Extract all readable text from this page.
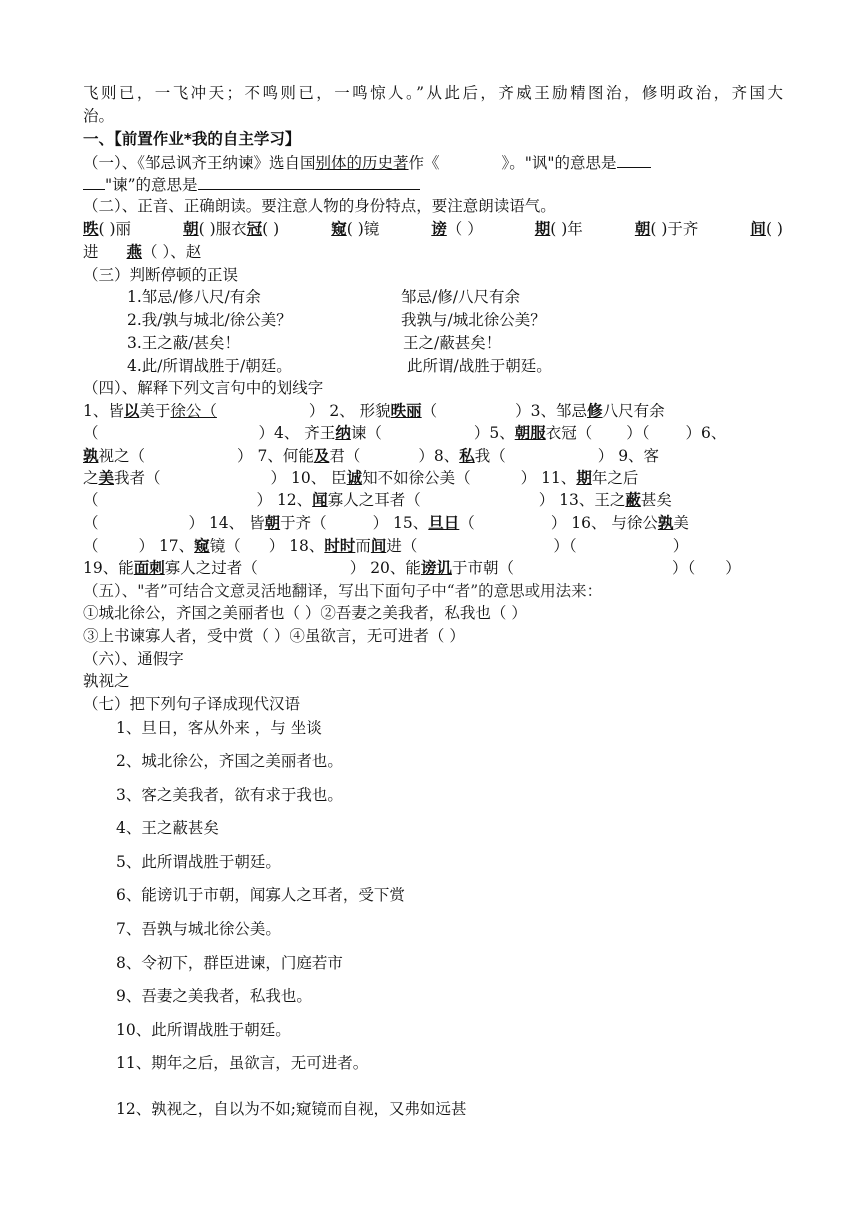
飞则已，一飞冲天；不鸣则已，一鸣惊人。”从此后，齐威王励精图治，修明政治，齐国大
治。
一、【前置作业*我的自主学习】
（一）、《邹忌讽齐王纳谏》选自国别体的历史著作《	》。"讽"的意思是
"谏”的意思是
（二）、正音、正确朗读。要注意人物的身份特点，要注意朗读语气。
昳( )丽	朝( )服衣冠( )	窥( )镜	谤（ ）	期( )年	朝( )于齐	间( )
进 燕（ ）、赵
（三）判断停顿的正误
1.邹忌/修八尺/有余	邹忌/修/八尺有余
2.我/孰与城北/徐公美？	我孰与/城北徐公美？
3.王之蔽/甚矣！	王之/蔽甚矣！
4.此/所谓战胜于/朝廷。	此所谓/战胜于朝廷。
（四）、解释下列文言句中的划线字
1、皆以美于徐公（	） 2、 形貌昳丽（	）3、邹忌修八尺有余
（	）4、 齐王纳谏（	）5、朝服衣冠（ ）（ ）6、
孰视之（	） 7、何能及君（	）8、私我（	） 9、客
之美我者（	） 10、 臣诚知不如徐公美（	） 11、期年之后
（	） 12、闻寡人之耳者（	） 13、王之蔽甚矣
（	） 14、 皆朝于齐（	） 15、旦日（	） 16、 与徐公孰美
（	） 17、窥镜（ ） 18、时时而间进（	）（	）
19、能面刺寡人之过者（	） 20、能谤讥于市朝（	）（ ）
（五）、"者”可结合文意灵活地翻译，写出下面句子中“者”的意思或用法来：
①城北徐公，齐国之美丽者也（ ）②吾妻之美我者，私我也（ ）
③上书谏寡人者，受中赏（ ）④虽欲言，无可进者（ ）
（六）、通假字
孰视之
（七）把下列句子译成现代汉语
1、旦日，客从外来 ，与 坐谈
2、城北徐公，齐国之美丽者也。
3、客之美我者，欲有求于我也。
4、王之蔽甚矣
5、此所谓战胜于朝廷。
6、能谤讥于市朝，闻寡人之耳者，受下赏
7、吾孰与城北徐公美。
8、令初下，群臣进谏，门庭若市
9、吾妻之美我者，私我也。
10、此所谓战胜于朝廷。
11、期年之后，虽欲言，无可进者。
12、孰视之，自以为不如;窥镜而自视，又弗如远甚
